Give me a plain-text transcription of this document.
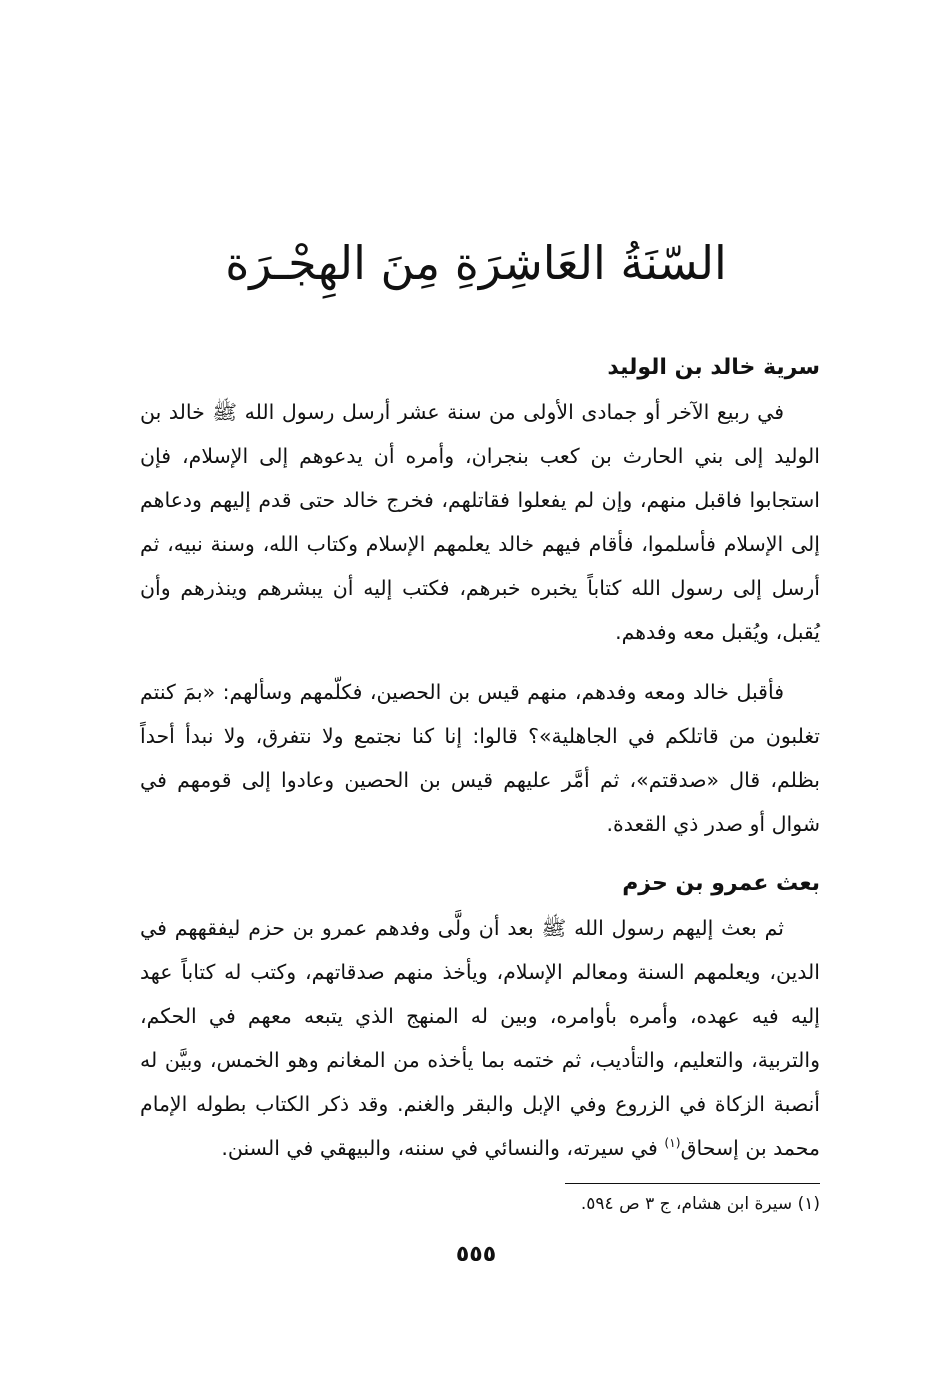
السّنَةُ العَاشِرَةِ مِنَ الهِجْـرَة

سرية خالد بن الوليد

في ربيع الآخر أو جمادى الأولى من سنة عشر أرسل رسول الله ﷺ خالد بن الوليد إلى بني الحارث بن كعب بنجران، وأمره أن يدعوهم إلى الإسلام، فإن استجابوا فاقبل منهم، وإن لم يفعلوا فقاتلهم، فخرج خالد حتى قدم إليهم ودعاهم إلى الإسلام فأسلموا، فأقام فيهم خالد يعلمهم الإسلام وكتاب الله، وسنة نبيه، ثم أرسل إلى رسول الله كتاباً يخبره خبرهم، فكتب إليه أن يبشرهم وينذرهم وأن يُقبل، ويُقبل معه وفدهم.

فأقبل خالد ومعه وفدهم، منهم قيس بن الحصين، فكلّمهم وسألهم: «بمَ كنتم تغلبون من قاتلكم في الجاهلية»؟ قالوا: إنا كنا نجتمع ولا نتفرق، ولا نبدأ أحداً بظلم، قال «صدقتم»، ثم أمَّر عليهم قيس بن الحصين وعادوا إلى قومهم في شوال أو صدر ذي القعدة.

بعث عمرو بن حزم

ثم بعث إليهم رسول الله ﷺ بعد أن ولَّى وفدهم عمرو بن حزم ليفقههم في الدين، ويعلمهم السنة ومعالم الإسلام، ويأخذ منهم صدقاتهم، وكتب له كتاباً عهد إليه فيه عهده، وأمره بأوامره، وبين له المنهج الذي يتبعه معهم في الحكم، والتربية، والتعليم، والتأديب، ثم ختمه بما يأخذه من المغانم وهو الخمس، وبيَّن له أنصبة الزكاة في الزروع وفي الإبل والبقر والغنم. وقد ذكر الكتاب بطوله الإمام محمد بن إسحاق$^{(١)}$ في سيرته، والنسائي في سننه، والبيهقي في السنن.

(١) سيرة ابن هشام، ج ٣ ص ٥٩٤.
٥٥٥
